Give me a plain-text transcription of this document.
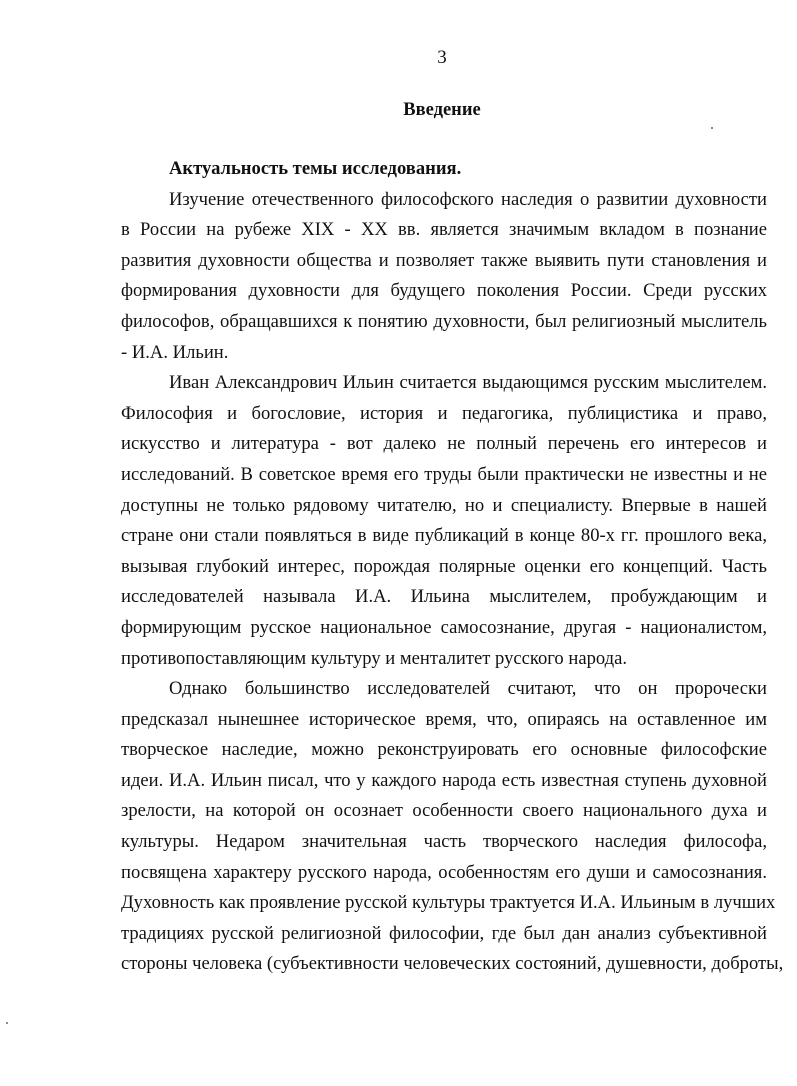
3
Введение
Актуальность темы исследования.
Изучение отечественного философского наследия о развитии духовности
в России на рубеже XIX - XX вв. является значимым вкладом в познание
развития духовности общества и позволяет также выявить пути становления и
формирования духовности для будущего поколения России. Среди русских
философов, обращавшихся к понятию духовности, был религиозный мыслитель
- И.А. Ильин.
Иван Александрович Ильин считается выдающимся русским мыслителем.
Философия и богословие, история и педагогика, публицистика и право,
искусство и литература - вот далеко не полный перечень его интересов и
исследований. В советское время его труды были практически не известны и не
доступны не только рядовому читателю, но и специалисту. Впервые в нашей
стране они стали появляться в виде публикаций в конце 80-х гг. прошлого века,
вызывая глубокий интерес, порождая полярные оценки его концепций. Часть
исследователей называла И.А. Ильина мыслителем, пробуждающим и
формирующим русское национальное самосознание, другая - националистом,
противопоставляющим культуру и менталитет русского народа.
Однако большинство исследователей считают, что он пророчески
предсказал нынешнее историческое время, что, опираясь на оставленное им
творческое наследие, можно реконструировать его основные философские
идеи. И.А. Ильин писал, что у каждого народа есть известная ступень духовной
зрелости, на которой он осознает особенности своего национального духа и
культуры. Недаром значительная часть творческого наследия философа,
посвящена характеру русского народа, особенностям его души и самосознания.
Духовность как проявление русской культуры трактуется И.А. Ильиным в лучших
традициях русской религиозной философии, где был дан анализ субъективной
стороны человека (субъективности человеческих состояний, душевности, доброты,
